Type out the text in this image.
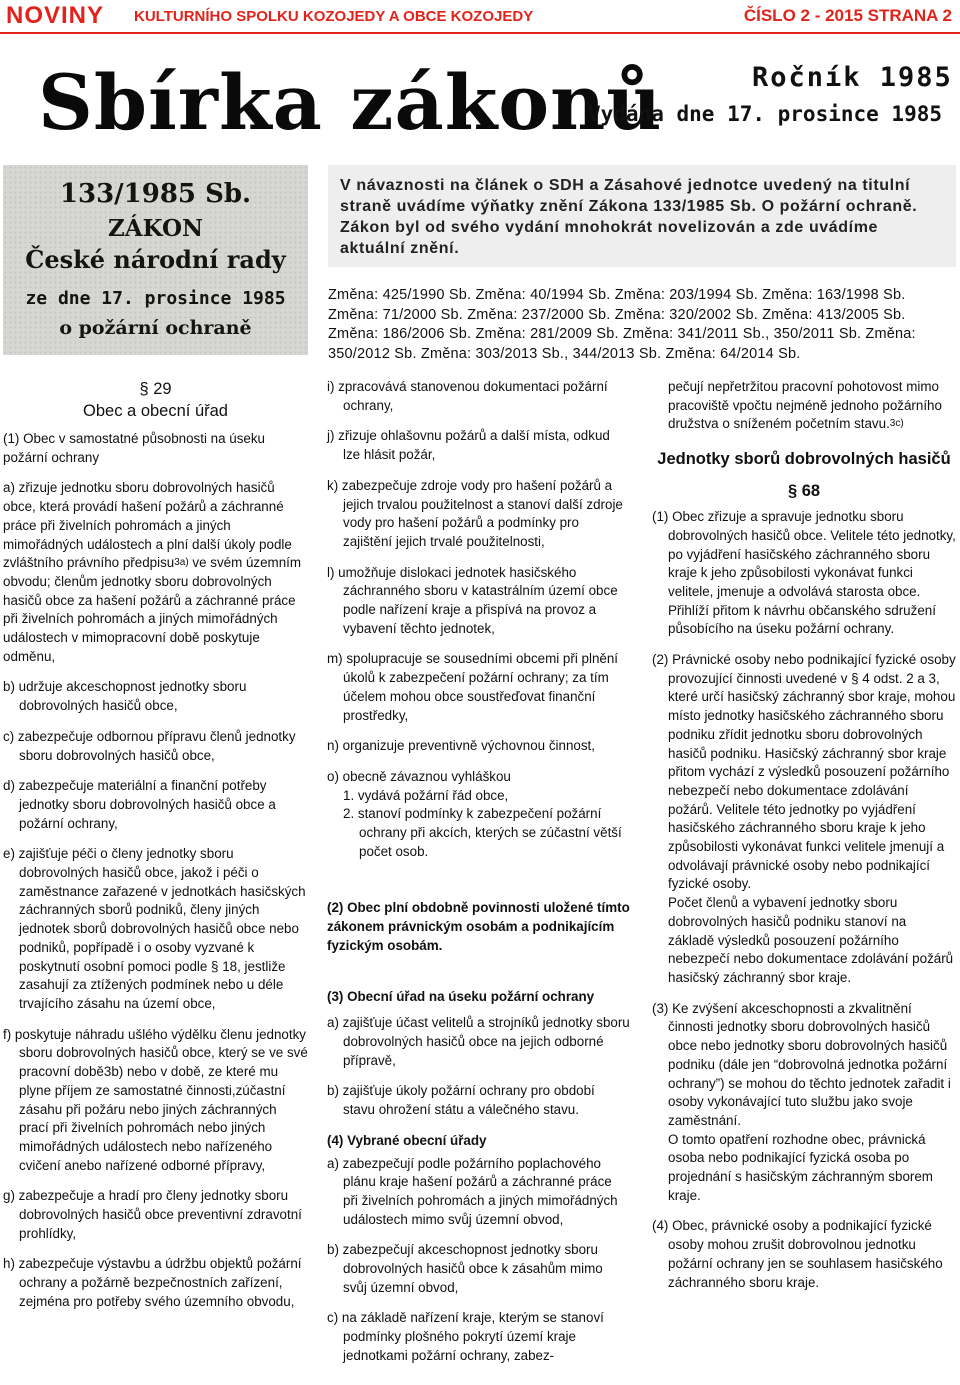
NOVINY KULTURNÍHO SPOLKU KOZOJEDY A OBCE KOZOJEDY	ČÍSLO 2 - 2015 STRANA 2
Sbírka zákonů	Ročník 1985
Vydána dne 17. prosince 1985
133/1985 Sb.
ZÁKON
České národní rady
ze dne 17. prosince 1985
o požární ochraně

V návaznosti na článek o SDH a Zásahové jednotce uvedený na titulní straně uvádíme výňatky znění Zákona 133/1985 Sb. O požární ochraně. Zákon byl od svého vydání mnohokrát novelizován a zde uvádíme aktuální znění.

Změna: 425/1990 Sb. Změna: 40/1994 Sb. Změna: 203/1994 Sb. Změna: 163/1998 Sb. Změna: 71/2000 Sb. Změna: 237/2000 Sb. Změna: 320/2002 Sb. Změna: 413/2005 Sb. Změna: 186/2006 Sb. Změna: 281/2009 Sb. Změna: 341/2011 Sb., 350/2011 Sb. Změna: 350/2012 Sb. Změna: 303/2013 Sb., 344/2013 Sb. Změna: 64/2014 Sb.

§ 29
Obec a obecní úřad

(1) Obec v samostatné působnosti na úseku požární ochrany

a) zřizuje jednotku sboru dobrovolných hasičů obce, která provádí hašení požárů a záchranné práce při živelních pohromách a jiných mimořádných událostech a plní další úkoly podle zvláštního právního předpisu$^{3a)}$ ve svém územním obvodu; členům jednotky sboru dobrovolných hasičů obce za hašení požárů a záchranné práce při živelních pohromách a jiných mimořádných událostech v mimopracovní době poskytuje odměnu,

b) udržuje akceschopnost jednotky sboru dobrovolných hasičů obce,

c) zabezpečuje odbornou přípravu členů jednotky sboru dobrovolných hasičů obce,

d) zabezpečuje materiální a finanční potřeby jednotky sboru dobrovolných hasičů obce a požární ochrany,

e) zajišťuje péči o členy jednotky sboru dobrovolných hasičů obce, jakož i péči o zaměstnance zařazené v jednotkách hasičských záchranných sborů podniků, členy jiných jednotek sborů dobrovolných hasičů obce nebo podniků, popřípadě i o osoby vyzvané k poskytnutí osobní pomoci podle § 18, jestliže zasahují za ztížených podmínek nebo u déle trvajícího zásahu na území obce,

f) poskytuje náhradu ušlého výdělku členu jednotky sboru dobrovolných hasičů obce, který se ve své pracovní době3b) nebo v době, ze které mu plyne příjem ze samostatné činnosti,zúčastní zásahu při požáru nebo jiných záchranných prací při živelních pohromách nebo jiných mimořádných událostech nebo nařízeného cvičení anebo nařízené odborné přípravy,

g) zabezpečuje a hradí pro členy jednotky sboru dobrovolných hasičů obce preventivní zdravotní prohlídky,

h) zabezpečuje výstavbu a údržbu objektů požární ochrany a požárně bezpečnostních zařízení, zejména pro potřeby svého územního obvodu,

i) zpracovává stanovenou dokumentaci požární ochrany,

j) zřizuje ohlašovnu požárů a další místa, odkud lze hlásit požár,

k) zabezpečuje zdroje vody pro hašení požárů a jejich trvalou použitelnost a stanoví další zdroje vody pro hašení požárů a podmínky pro zajištění jejich trvalé použitelnosti,

l) umožňuje dislokaci jednotek hasičského záchranného sboru v katastrálním území obce podle nařízení kraje a přispívá na provoz a vybavení těchto jednotek,

m) spolupracuje se sousedními obcemi při plnění úkolů k zabezpečení požární ochrany; za tím účelem mohou obce soustřeďovat finanční prostředky,

n) organizuje preventivně výchovnou činnost,

o) obecně závaznou vyhláškou

1. vydává požární řád obce,

2. stanoví podmínky k zabezpečení požární ochrany při akcích, kterých se zúčastní větší počet osob.

(2) Obec plní obdobně povinnosti uložené tímto zákonem právnickým osobám a podnikajícím fyzickým osobám.

(3) Obecní úřad na úseku požární ochrany

a) zajišťuje účast velitelů a strojníků jednotky sboru dobrovolných hasičů obce na jejich odborné přípravě,

b) zajišťuje úkoly požární ochrany pro období stavu ohrožení státu a válečného stavu.

(4) Vybrané obecní úřady

a) zabezpečují podle požárního poplachového plánu kraje hašení požárů a záchranné práce při živelních pohromách a jiných mimořádných událostech mimo svůj územní obvod,

b) zabezpečují akceschopnost jednotky sboru dobrovolných hasičů obce k zásahům mimo svůj územní obvod,

c) na základě nařízení kraje, kterým se stanoví podmínky plošného pokrytí území kraje jednotkami požární ochrany, zabez-

pečují nepřetržitou pracovní pohotovost mimo pracoviště vpočtu nejméně jednoho požárního družstva o sníženém početním stavu.$^{3c)}$

Jednotky sborů dobrovolných hasičů
§ 68

(1) Obec zřizuje a spravuje jednotku sboru dobrovolných hasičů obce. Velitele této jednotky, po vyjádření hasičského záchranného sboru kraje k jeho způsobilosti vykonávat funkci velitele, jmenuje a odvolává starosta obce. Přihlíží přitom k návrhu občanského sdružení působícího na úseku požární ochrany.

(2) Právnické osoby nebo podnikající fyzické osoby provozující činnosti uvedené v § 4 odst. 2 a 3, které určí hasičský záchranný sbor kraje, mohou místo jednotky hasičského záchranného sboru podniku zřídit jednotku sboru dobrovolných hasičů podniku. Hasičský záchranný sbor kraje přitom vychází z výsledků posouzení požárního nebezpečí nebo dokumentace zdolávání požárů. Velitele této jednotky po vyjádření hasičského záchranného sboru kraje k jeho způsobilosti vykonávat funkci velitele jmenují a odvolávají právnické osoby nebo podnikající fyzické osoby.

Počet členů a vybavení jednotky sboru dobrovolných hasičů podniku stanoví na základě výsledků posouzení požárního nebezpečí nebo dokumentace zdolávání požárů hasičský záchranný sbor kraje.

(3) Ke zvýšení akceschopnosti a zkvalitnění činnosti jednotky sboru dobrovolných hasičů obce nebo jednotky sboru dobrovolných hasičů podniku (dále jen “dobrovolná jednotka požární ochrany”) se mohou do těchto jednotek zařadit i osoby vykonávající tuto službu jako svoje zaměstnání.

O tomto opatření rozhodne obec, právnická osoba nebo podnikající fyzická osoba po projednání s hasičským záchranným sborem kraje.

(4) Obec, právnické osoby a podnikající fyzické osoby mohou zrušit dobrovolnou jednotku požární ochrany jen se souhlasem hasičského záchranného sboru kraje.
